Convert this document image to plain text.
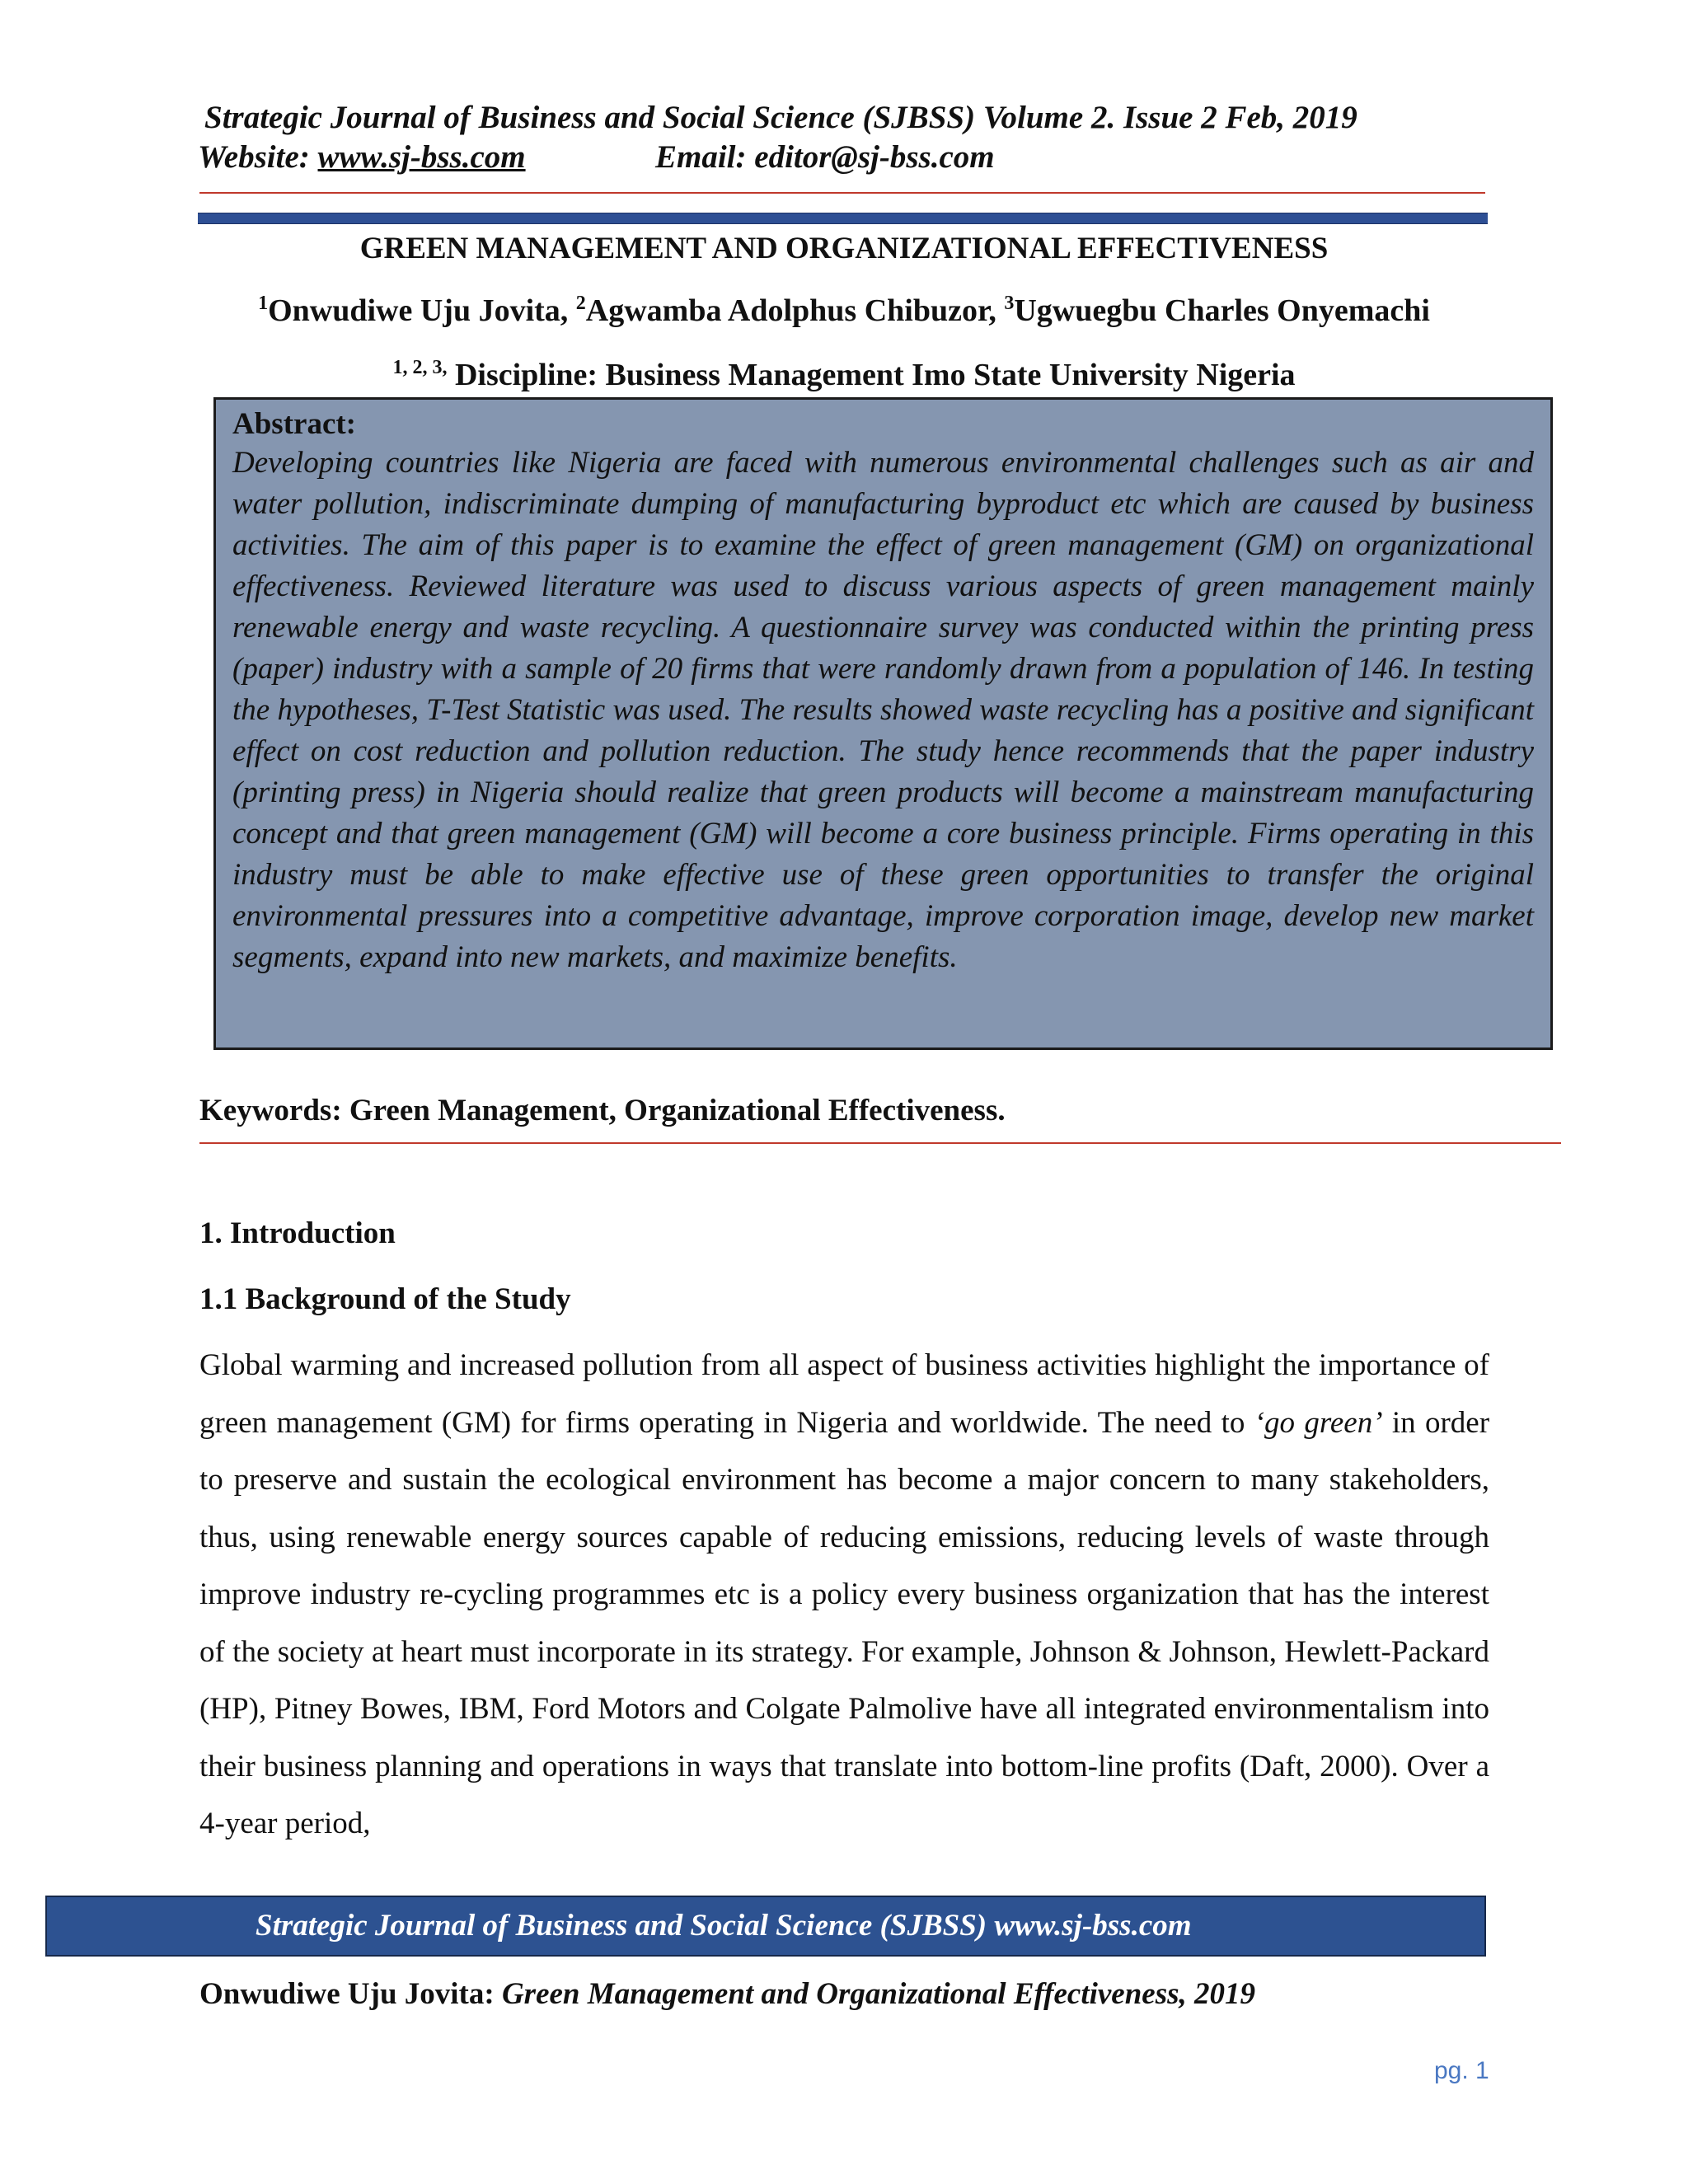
Strategic Journal of Business and Social Science (SJBSS) Volume 2. Issue 2 Feb, 2019
Website: www.sj-bss.com	Email: editor@sj-bss.com
GREEN MANAGEMENT AND ORGANIZATIONAL EFFECTIVENESS
$^1$Onwudiwe Uju Jovita, $^2$Agwamba Adolphus Chibuzor, $^3$Ugwuegbu Charles Onyemachi
$^{1, 2, 3,}$ Discipline: Business Management Imo State University Nigeria
Abstract:
Developing countries like Nigeria are faced with numerous environmental challenges such as air and water pollution, indiscriminate dumping of manufacturing byproduct etc which are caused by business activities. The aim of this paper is to examine the effect of green management (GM) on organizational effectiveness. Reviewed literature was used to discuss various aspects of green management mainly renewable energy and waste recycling. A questionnaire survey was conducted within the printing press (paper) industry with a sample of 20 firms that were randomly drawn from a population of 146. In testing the hypotheses, T-Test Statistic was used. The results showed waste recycling has a positive and significant effect on cost reduction and pollution reduction. The study hence recommends that the paper industry (printing press) in Nigeria should realize that green products will become a mainstream manufacturing concept and that green management (GM) will become a core business principle. Firms operating in this industry must be able to make effective use of these green opportunities to transfer the original environmental pressures into a competitive advantage, improve corporation image, develop new market segments, expand into new markets, and maximize benefits.
Keywords: Green Management, Organizational Effectiveness.
1. Introduction
1.1 Background of the Study
Global warming and increased pollution from all aspect of business activities highlight the importance of green management (GM) for firms operating in Nigeria and worldwide. The need to ‘go green’ in order to preserve and sustain the ecological environment has become a major concern to many stakeholders, thus, using renewable energy sources capable of reducing emissions, reducing levels of waste through improve industry re-cycling programmes etc is a policy every business organization that has the interest of the society at heart must incorporate in its strategy. For example, Johnson & Johnson, Hewlett-Packard (HP), Pitney Bowes, IBM, Ford Motors and Colgate Palmolive have all integrated environmentalism into their business planning and operations in ways that translate into bottom-line profits (Daft, 2000). Over a 4-year period,
Strategic Journal of Business and Social Science (SJBSS) www.sj-bss.com
Onwudiwe Uju Jovita: Green Management and Organizational Effectiveness, 2019
pg. 1
